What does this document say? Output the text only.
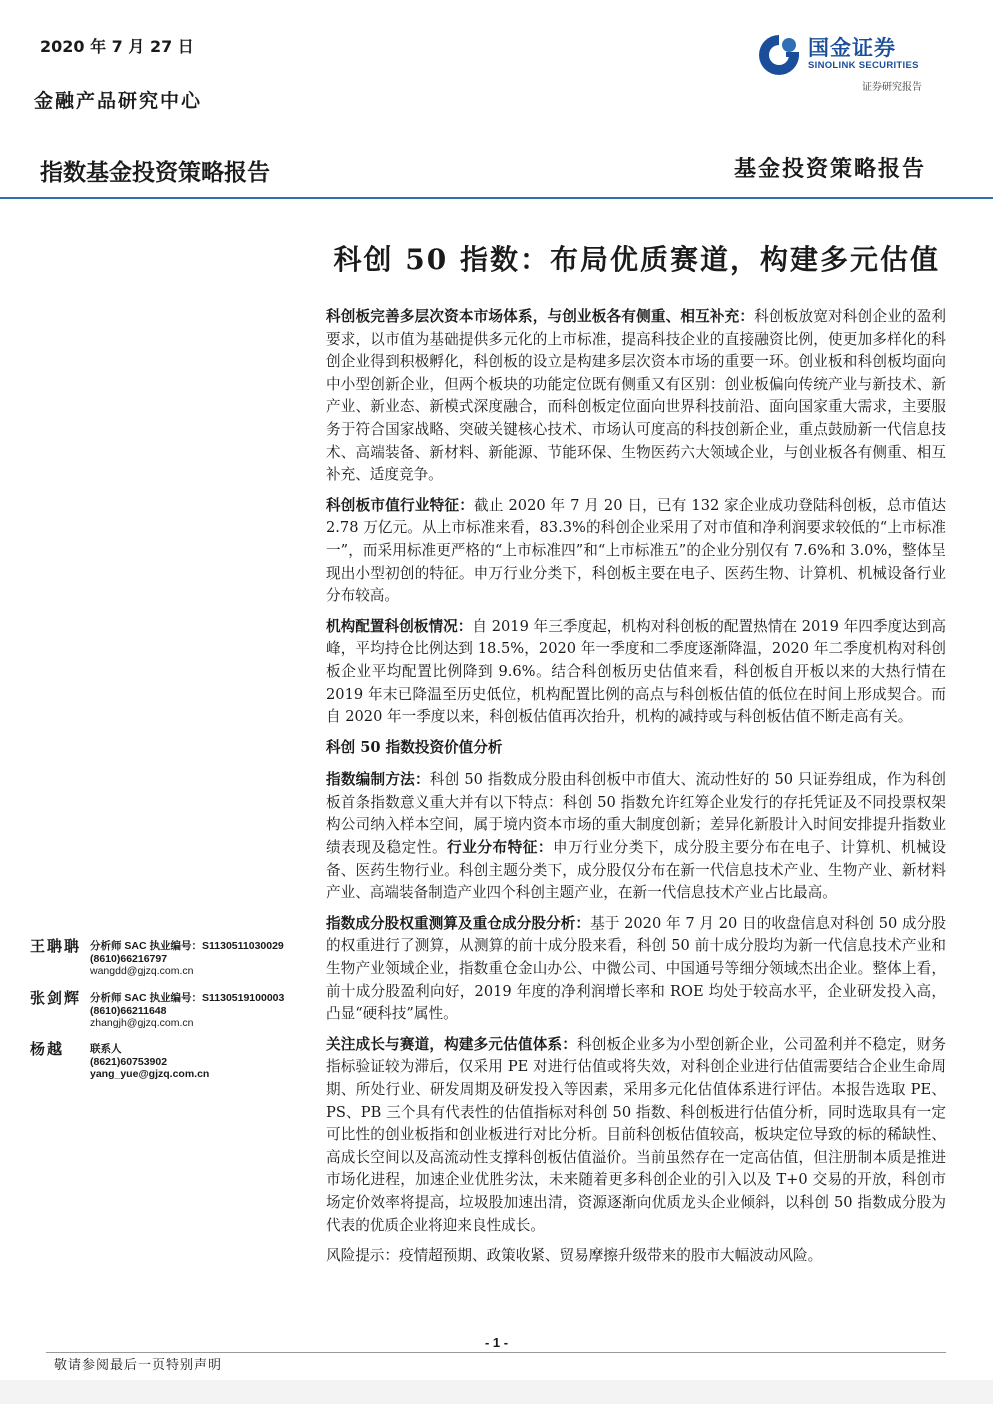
2020 年 7 月 27 日
金融产品研究中心
国金证券
SINOLINK SECURITIES
证券研究报告
指数基金投资策略报告	基金投资策略报告
科创 50 指数：布局优质赛道，构建多元估值

科创板完善多层次资本市场体系，与创业板各有侧重、相互补充：科创板放宽对科创企业的盈利要求，以市值为基础提供多元化的上市标准，提高科技企业的直接融资比例，使更加多样化的科创企业得到积极孵化，科创板的设立是构建多层次资本市场的重要一环。创业板和科创板均面向中小型创新企业，但两个板块的功能定位既有侧重又有区别：创业板偏向传统产业与新技术、新产业、新业态、新模式深度融合，而科创板定位面向世界科技前沿、面向国家重大需求，主要服务于符合国家战略、突破关键核心技术、市场认可度高的科技创新企业，重点鼓励新一代信息技术、高端装备、新材料、新能源、节能环保、生物医药六大领域企业，与创业板各有侧重、相互补充、适度竞争。

科创板市值行业特征：截止 2020 年 7 月 20 日，已有 132 家企业成功登陆科创板，总市值达 2.78 万亿元。从上市标准来看，83.3%的科创企业采用了对市值和净利润要求较低的“上市标准一”，而采用标准更严格的“上市标准四”和“上市标准五”的企业分别仅有 7.6%和 3.0%，整体呈现出小型初创的特征。申万行业分类下，科创板主要在电子、医药生物、计算机、机械设备行业分布较高。

机构配置科创板情况：自 2019 年三季度起，机构对科创板的配置热情在 2019 年四季度达到高峰，平均持仓比例达到 18.5%，2020 年一季度和二季度逐渐降温，2020 年二季度机构对科创板企业平均配置比例降到 9.6%。结合科创板历史估值来看，科创板自开板以来的大热行情在 2019 年末已降温至历史低位，机构配置比例的高点与科创板估值的低位在时间上形成契合。而自 2020 年一季度以来，科创板估值再次抬升，机构的减持或与科创板估值不断走高有关。

科创 50 指数投资价值分析

指数编制方法：科创 50 指数成分股由科创板中市值大、流动性好的 50 只证券组成，作为科创板首条指数意义重大并有以下特点：科创 50 指数允许红筹企业发行的存托凭证及不同投票权架构公司纳入样本空间，属于境内资本市场的重大制度创新；差异化新股计入时间安排提升指数业绩表现及稳定性。行业分布特征：申万行业分类下，成分股主要分布在电子、计算机、机械设备、医药生物行业。科创主题分类下，成分股仅分布在新一代信息技术产业、生物产业、新材料产业、高端装备制造产业四个科创主题产业，在新一代信息技术产业占比最高。

指数成分股权重测算及重仓成分股分析：基于 2020 年 7 月 20 日的收盘信息对科创 50 成分股的权重进行了测算，从测算的前十成分股来看，科创 50 前十成分股均为新一代信息技术产业和生物产业领域企业，指数重仓金山办公、中微公司、中国通号等细分领域杰出企业。整体上看，前十成分股盈利向好，2019 年度的净利润增长率和 ROE 均处于较高水平，企业研发投入高，凸显“硬科技”属性。

关注成长与赛道，构建多元估值体系：科创板企业多为小型创新企业，公司盈利并不稳定，财务指标验证较为滞后，仅采用 PE 对进行估值或将失效，对科创企业进行估值需要结合企业生命周期、所处行业、研发周期及研发投入等因素，采用多元化估值体系进行评估。本报告选取 PE、PS、PB 三个具有代表性的估值指标对科创 50 指数、科创板进行估值分析，同时选取具有一定可比性的创业板指和创业板进行对比分析。目前科创板估值较高，板块定位导致的标的稀缺性、高成长空间以及高流动性支撑科创板估值溢价。当前虽然存在一定高估值，但注册制本质是推进市场化进程，加速企业优胜劣汰，未来随着更多科创企业的引入以及 T+0 交易的开放，科创市场定价效率将提高，垃圾股加速出清，资源逐渐向优质龙头企业倾斜，以科创 50 指数成分股为代表的优质企业将迎来良性成长。

风险提示：疫情超预期、政策收紧、贸易摩擦升级带来的股市大幅波动风险。

王聃聃 分析师 SAC 执业编号：S1130511030029
(8610)66216797
wangdd@gjzq.com.cn
张剑辉 分析师 SAC 执业编号：S1130519100003
(8610)66211648
zhangjh@gjzq.com.cn
杨越 联系人
(8621)60753902
yang_yue@gjzq.com.cn
- 1 -
敬请参阅最后一页特别声明
